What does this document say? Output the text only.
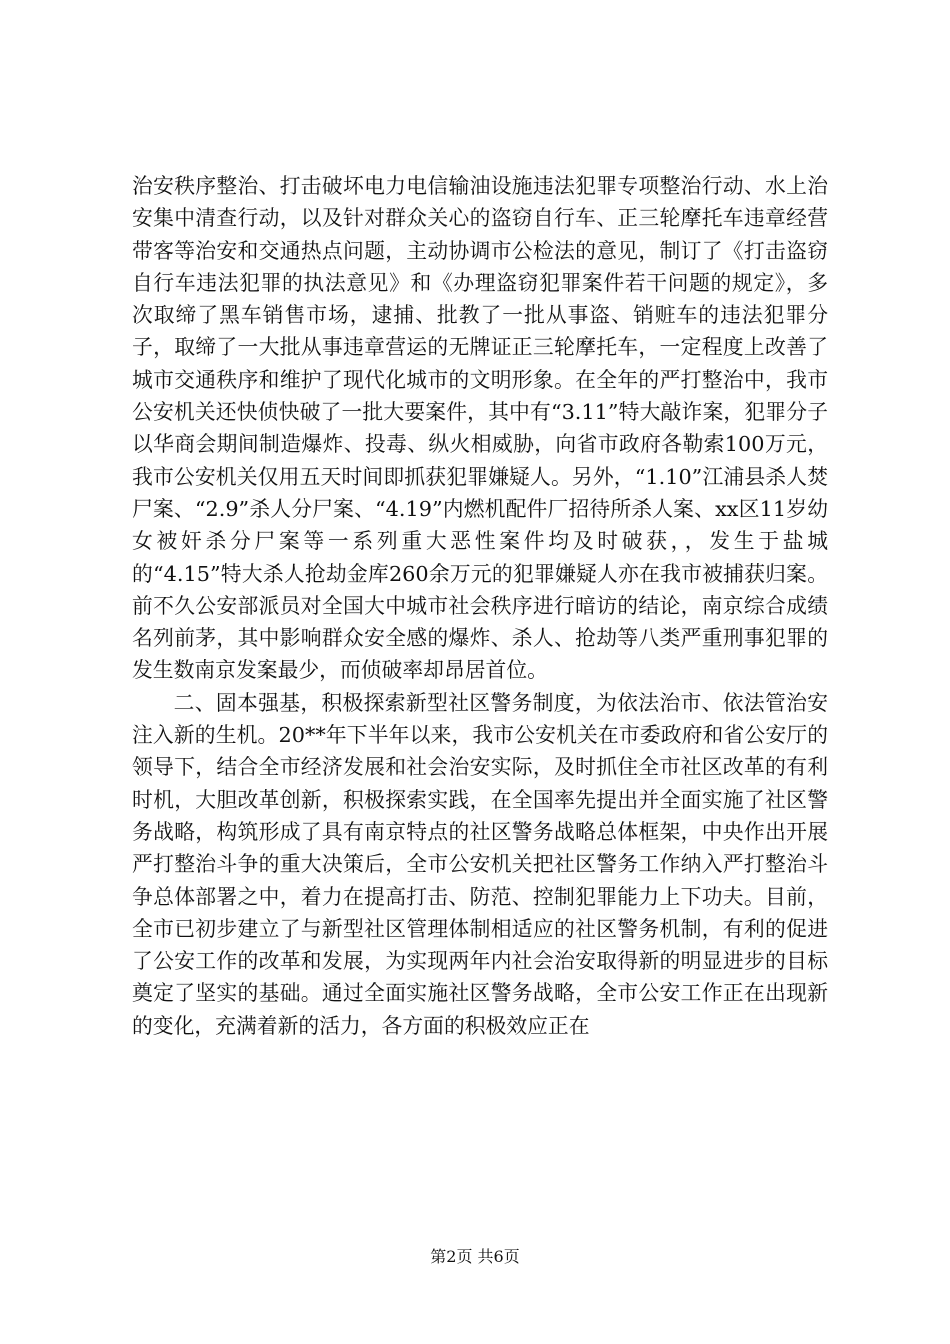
治安秩序整治、打击破坏电力电信输油设施违法犯罪专项整治行动、水上治安集中清查行动，以及针对群众关心的盗窃自行车、正三轮摩托车违章经营带客等治安和交通热点问题，主动协调市公检法的意见，制订了《打击盗窃自行车违法犯罪的执法意见》和《办理盗窃犯罪案件若干问题的规定》，多次取缔了黑车销售市场，逮捕、批教了一批从事盗、销赃车的违法犯罪分子，取缔了一大批从事违章营运的无牌证正三轮摩托车，一定程度上改善了城市交通秩序和维护了现代化城市的文明形象。在全年的严打整治中，我市公安机关还快侦快破了一批大要案件，其中有“3.11”特大敲诈案，犯罪分子以华商会期间制造爆炸、投毒、纵火相威胁，向省市政府各勒索100万元，我市公安机关仅用五天时间即抓获犯罪嫌疑人。另外，“1.10”江浦县杀人焚尸案、“2.9”杀人分尸案、“4.19”内燃机配件厂招待所杀人案、xx区11岁幼女被奸杀分尸案等一系列重大恶性案件均及时破获，，发生于盐城的“4.15”特大杀人抢劫金库260余万元的犯罪嫌疑人亦在我市被捕获归案。前不久公安部派员对全国大中城市社会秩序进行暗访的结论，南京综合成绩名列前茅，其中影响群众安全感的爆炸、杀人、抢劫等八类严重刑事犯罪的发生数南京发案最少，而侦破率却昂居首位。

二、固本强基，积极探索新型社区警务制度，为依法治市、依法管治安注入新的生机。20**年下半年以来，我市公安机关在市委政府和省公安厅的领导下，结合全市经济发展和社会治安实际，及时抓住全市社区改革的有利时机，大胆改革创新，积极探索实践，在全国率先提出并全面实施了社区警务战略，构筑形成了具有南京特点的社区警务战略总体框架，中央作出开展严打整治斗争的重大决策后，全市公安机关把社区警务工作纳入严打整治斗争总体部署之中，着力在提高打击、防范、控制犯罪能力上下功夫。目前，全市已初步建立了与新型社区管理体制相适应的社区警务机制，有利的促进了公安工作的改革和发展，为实现两年内社会治安取得新的明显进步的目标奠定了坚实的基础。通过全面实施社区警务战略，全市公安工作正在出现新的变化，充满着新的活力，各方面的积极效应正在

第2页 共6页
